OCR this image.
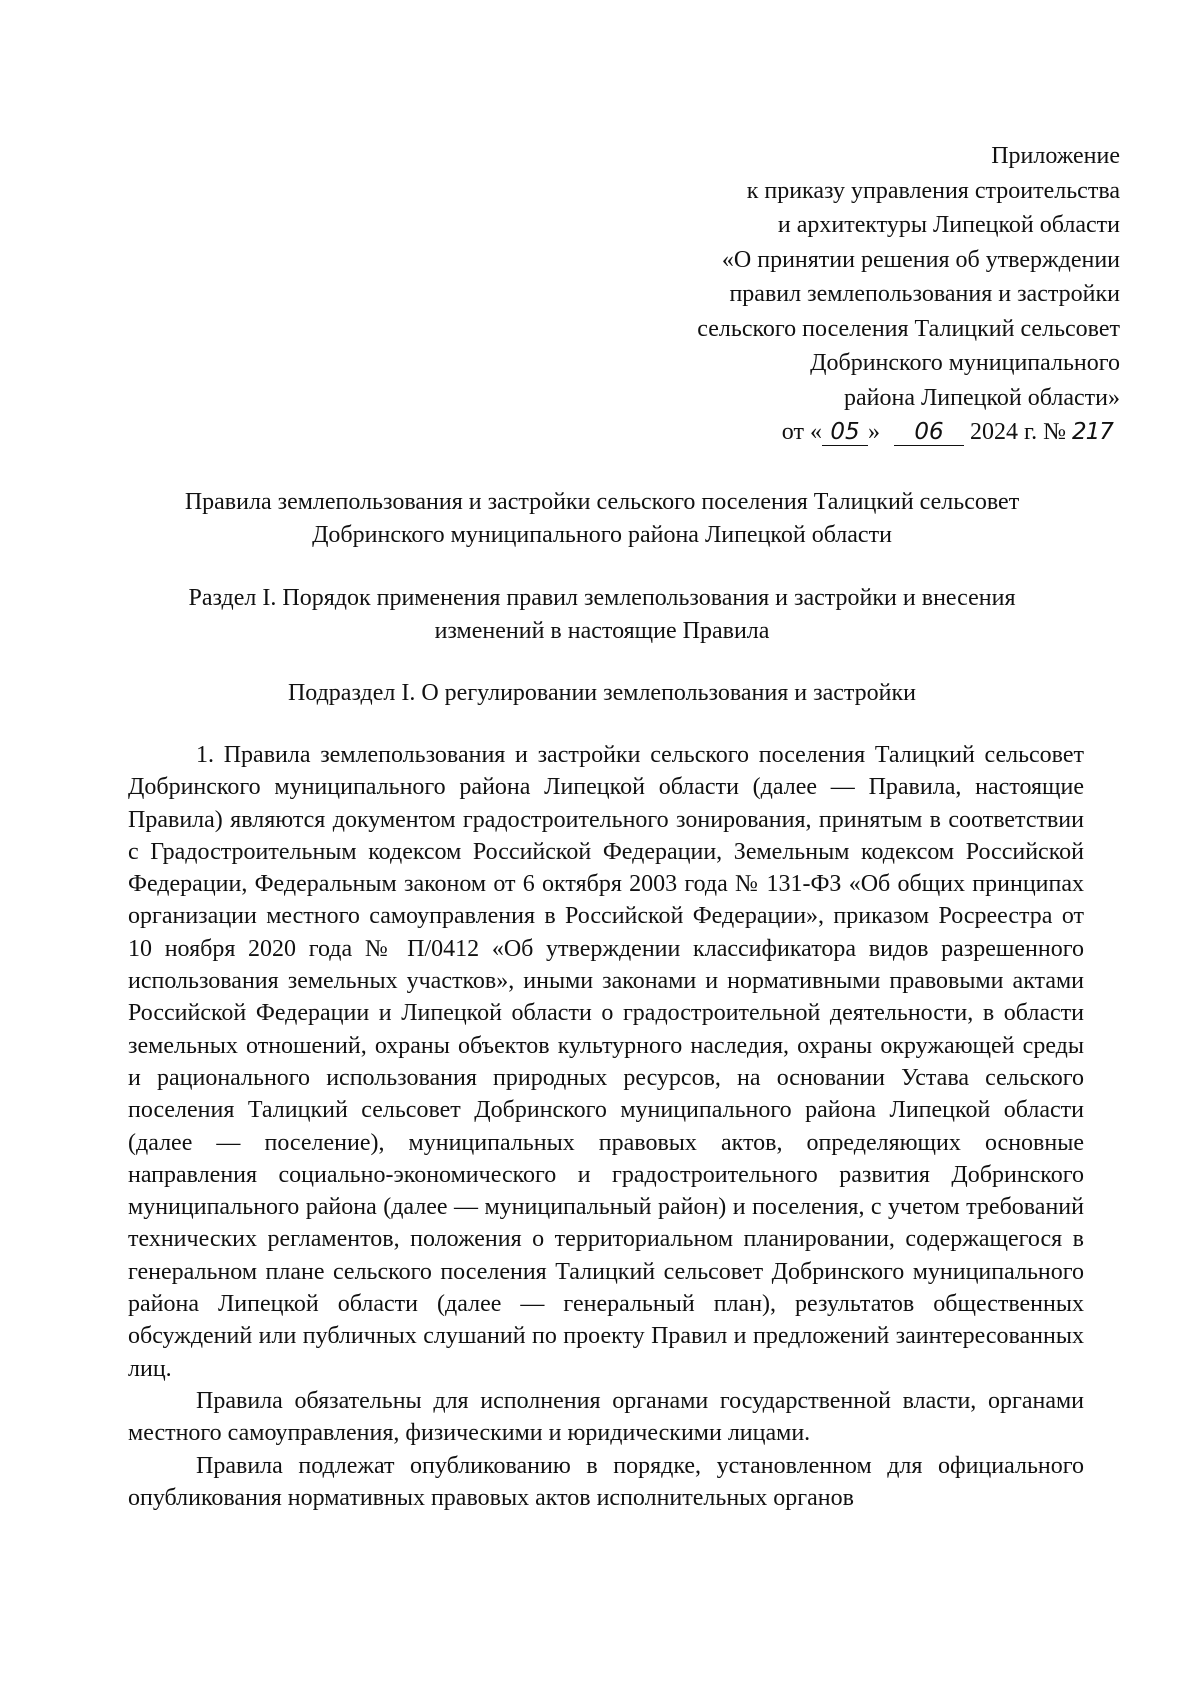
Приложение
к приказу управления строительства
и архитектуры Липецкой области
«О принятии решения об утверждении
правил землепользования и застройки
сельского поселения Талицкий сельсовет
Добринского муниципального
района Липецкой области»
от « 05 » 06 2024 г. № 217
Правила землепользования и застройки сельского поселения Талицкий сельсовет
Добринского муниципального района Липецкой области
Раздел I. Порядок применения правил землепользования и застройки и внесения
изменений в настоящие Правила
Подраздел I. О регулировании землепользования и застройки

1. Правила землепользования и застройки сельского поселения Талицкий сельсовет Добринского муниципального района Липецкой области (далее — Правила, настоящие Правила) являются документом градостроительного зонирования, принятым в соответствии с Градостроительным кодексом Российской Федерации, Земельным кодексом Российской Федерации, Федеральным законом от 6 октября 2003 года № 131-ФЗ «Об общих принципах организации местного самоуправления в Российской Федерации», приказом Росреестра от 10 ноября 2020 года № П/0412 «Об утверждении классификатора видов разрешенного использования земельных участков», иными законами и нормативными правовыми актами Российской Федерации и Липецкой области о градостроительной деятельности, в области земельных отношений, охраны объектов культурного наследия, охраны окружающей среды и рационального использования природных ресурсов, на основании Устава сельского поселения Талицкий сельсовет Добринского муниципального района Липецкой области (далее — поселение), муниципальных правовых актов, определяющих основные направления социально-экономического и градостроительного развития Добринского муниципального района (далее — муниципальный район) и поселения, с учетом требований технических регламентов, положения о территориальном планировании, содержащегося в генеральном плане сельского поселения Талицкий сельсовет Добринского муниципального района Липецкой области (далее — генеральный план), результатов общественных обсуждений или публичных слушаний по проекту Правил и предложений заинтересованных лиц.

Правила обязательны для исполнения органами государственной власти, органами местного самоуправления, физическими и юридическими лицами.

Правила подлежат опубликованию в порядке, установленном для официального опубликования нормативных правовых актов исполнительных органов
